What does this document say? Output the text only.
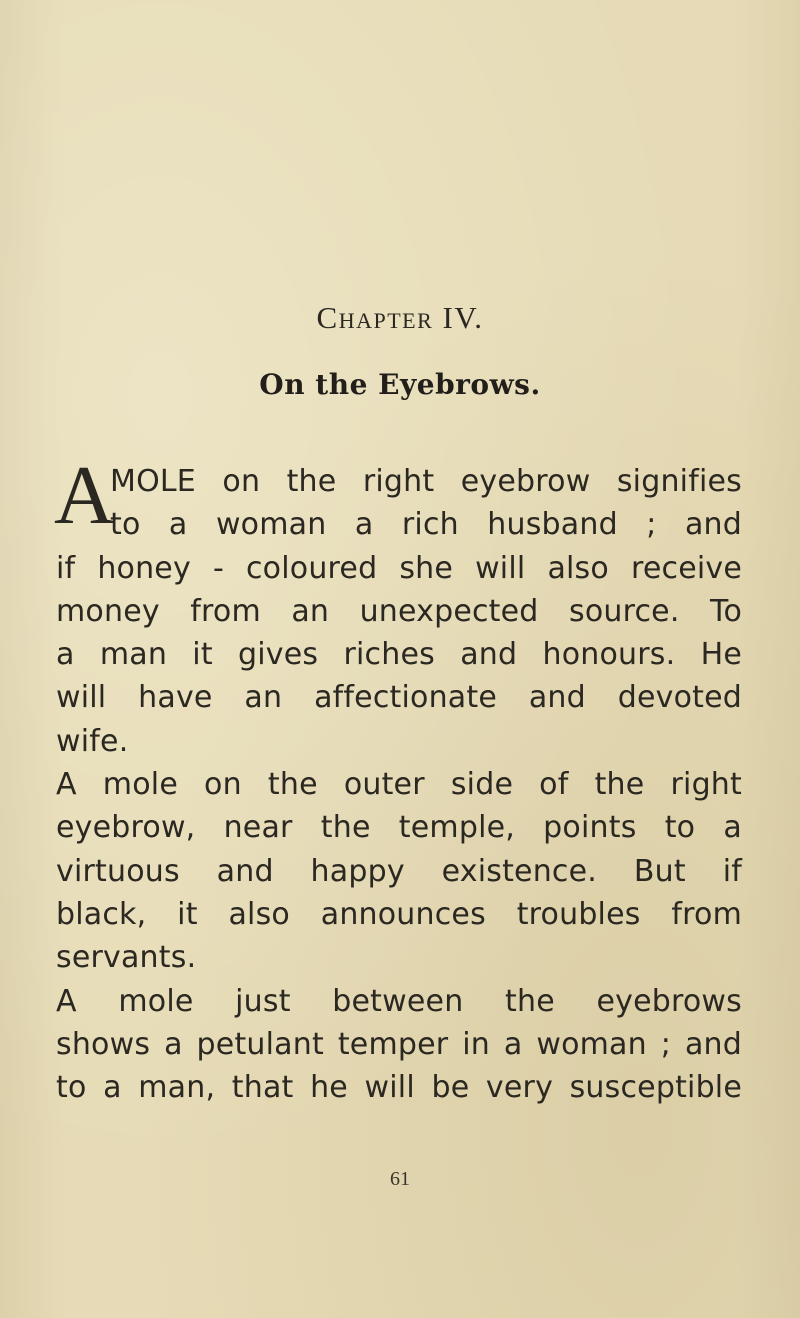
Chapter IV.
On the Eyebrows.
A
MOLE on the right eyebrow signifies
to a woman a rich husband ; and
if honey - coloured she will also receive
money from an unexpected source. To
a man it gives riches and honours. He
will have an affectionate and devoted
wife.
A mole on the outer side of the right
eyebrow, near the temple, points to a
virtuous and happy existence. But if
black, it also announces troubles from
servants.
A mole just between the eyebrows
shows a petulant temper in a woman ; and
to a man, that he will be very susceptible
61
